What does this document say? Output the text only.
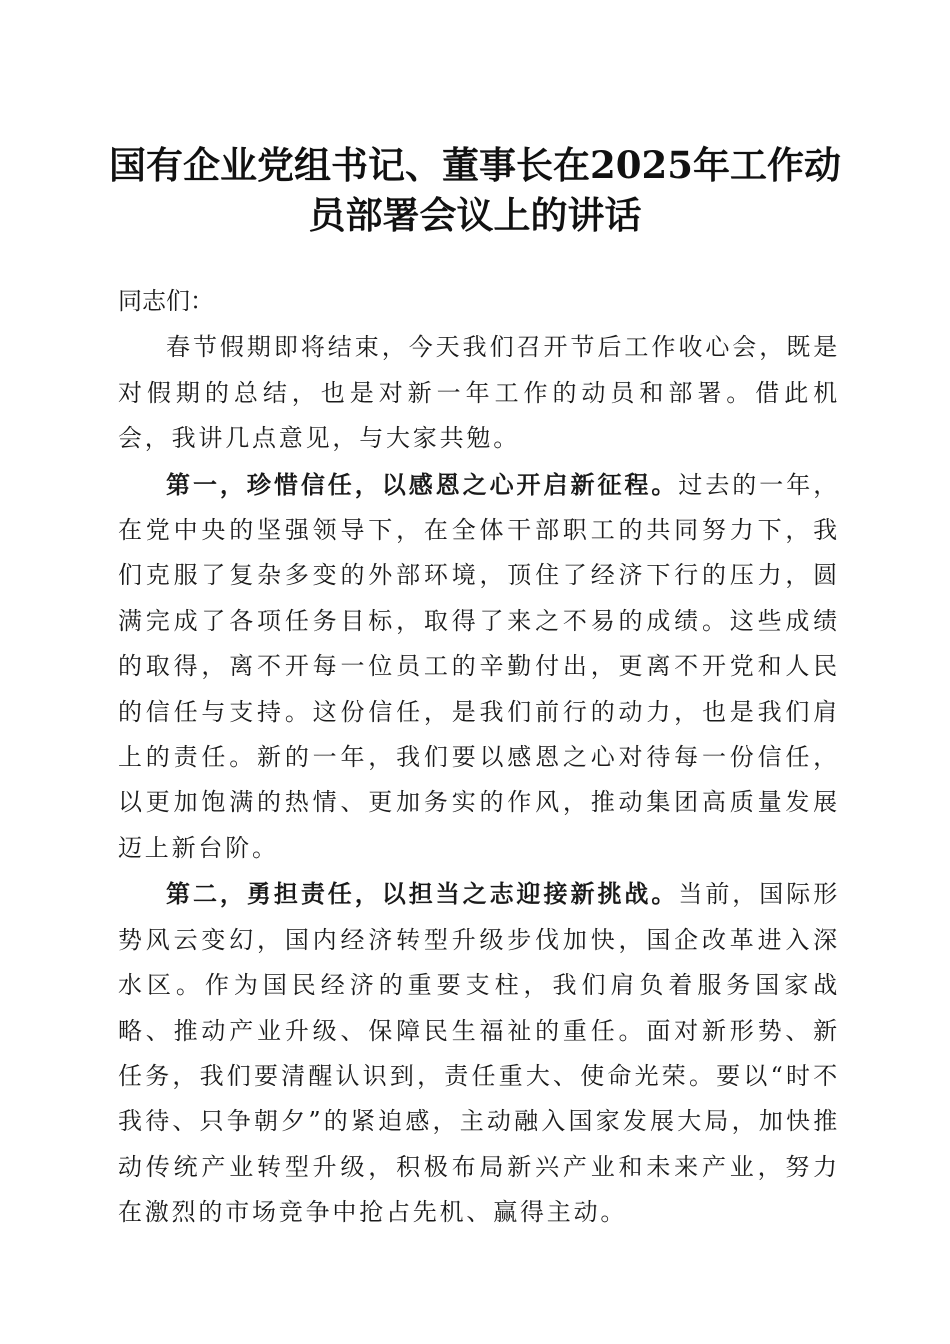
国有企业党组书记、董事长在2025年工作动
员部署会议上的讲话

同志们：

春节假期即将结束，今天我们召开节后工作收心会，既是对假期的总结，也是对新一年工作的动员和部署。借此机会，我讲几点意见，与大家共勉。

第一，珍惜信任，以感恩之心开启新征程。过去的一年，在党中央的坚强领导下，在全体干部职工的共同努力下，我们克服了复杂多变的外部环境，顶住了经济下行的压力，圆满完成了各项任务目标，取得了来之不易的成绩。这些成绩的取得，离不开每一位员工的辛勤付出，更离不开党和人民的信任与支持。这份信任，是我们前行的动力，也是我们肩上的责任。新的一年，我们要以感恩之心对待每一份信任，以更加饱满的热情、更加务实的作风，推动集团高质量发展迈上新台阶。

第二，勇担责任，以担当之志迎接新挑战。当前，国际形势风云变幻，国内经济转型升级步伐加快，国企改革进入深水区。作为国民经济的重要支柱，我们肩负着服务国家战略、推动产业升级、保障民生福祉的重任。面对新形势、新任务，我们要清醒认识到，责任重大、使命光荣。要以“时不我待、只争朝夕”的紧迫感，主动融入国家发展大局，加快推动传统产业转型升级，积极布局新兴产业和未来产业，努力在激烈的市场竞争中抢占先机、赢得主动。
